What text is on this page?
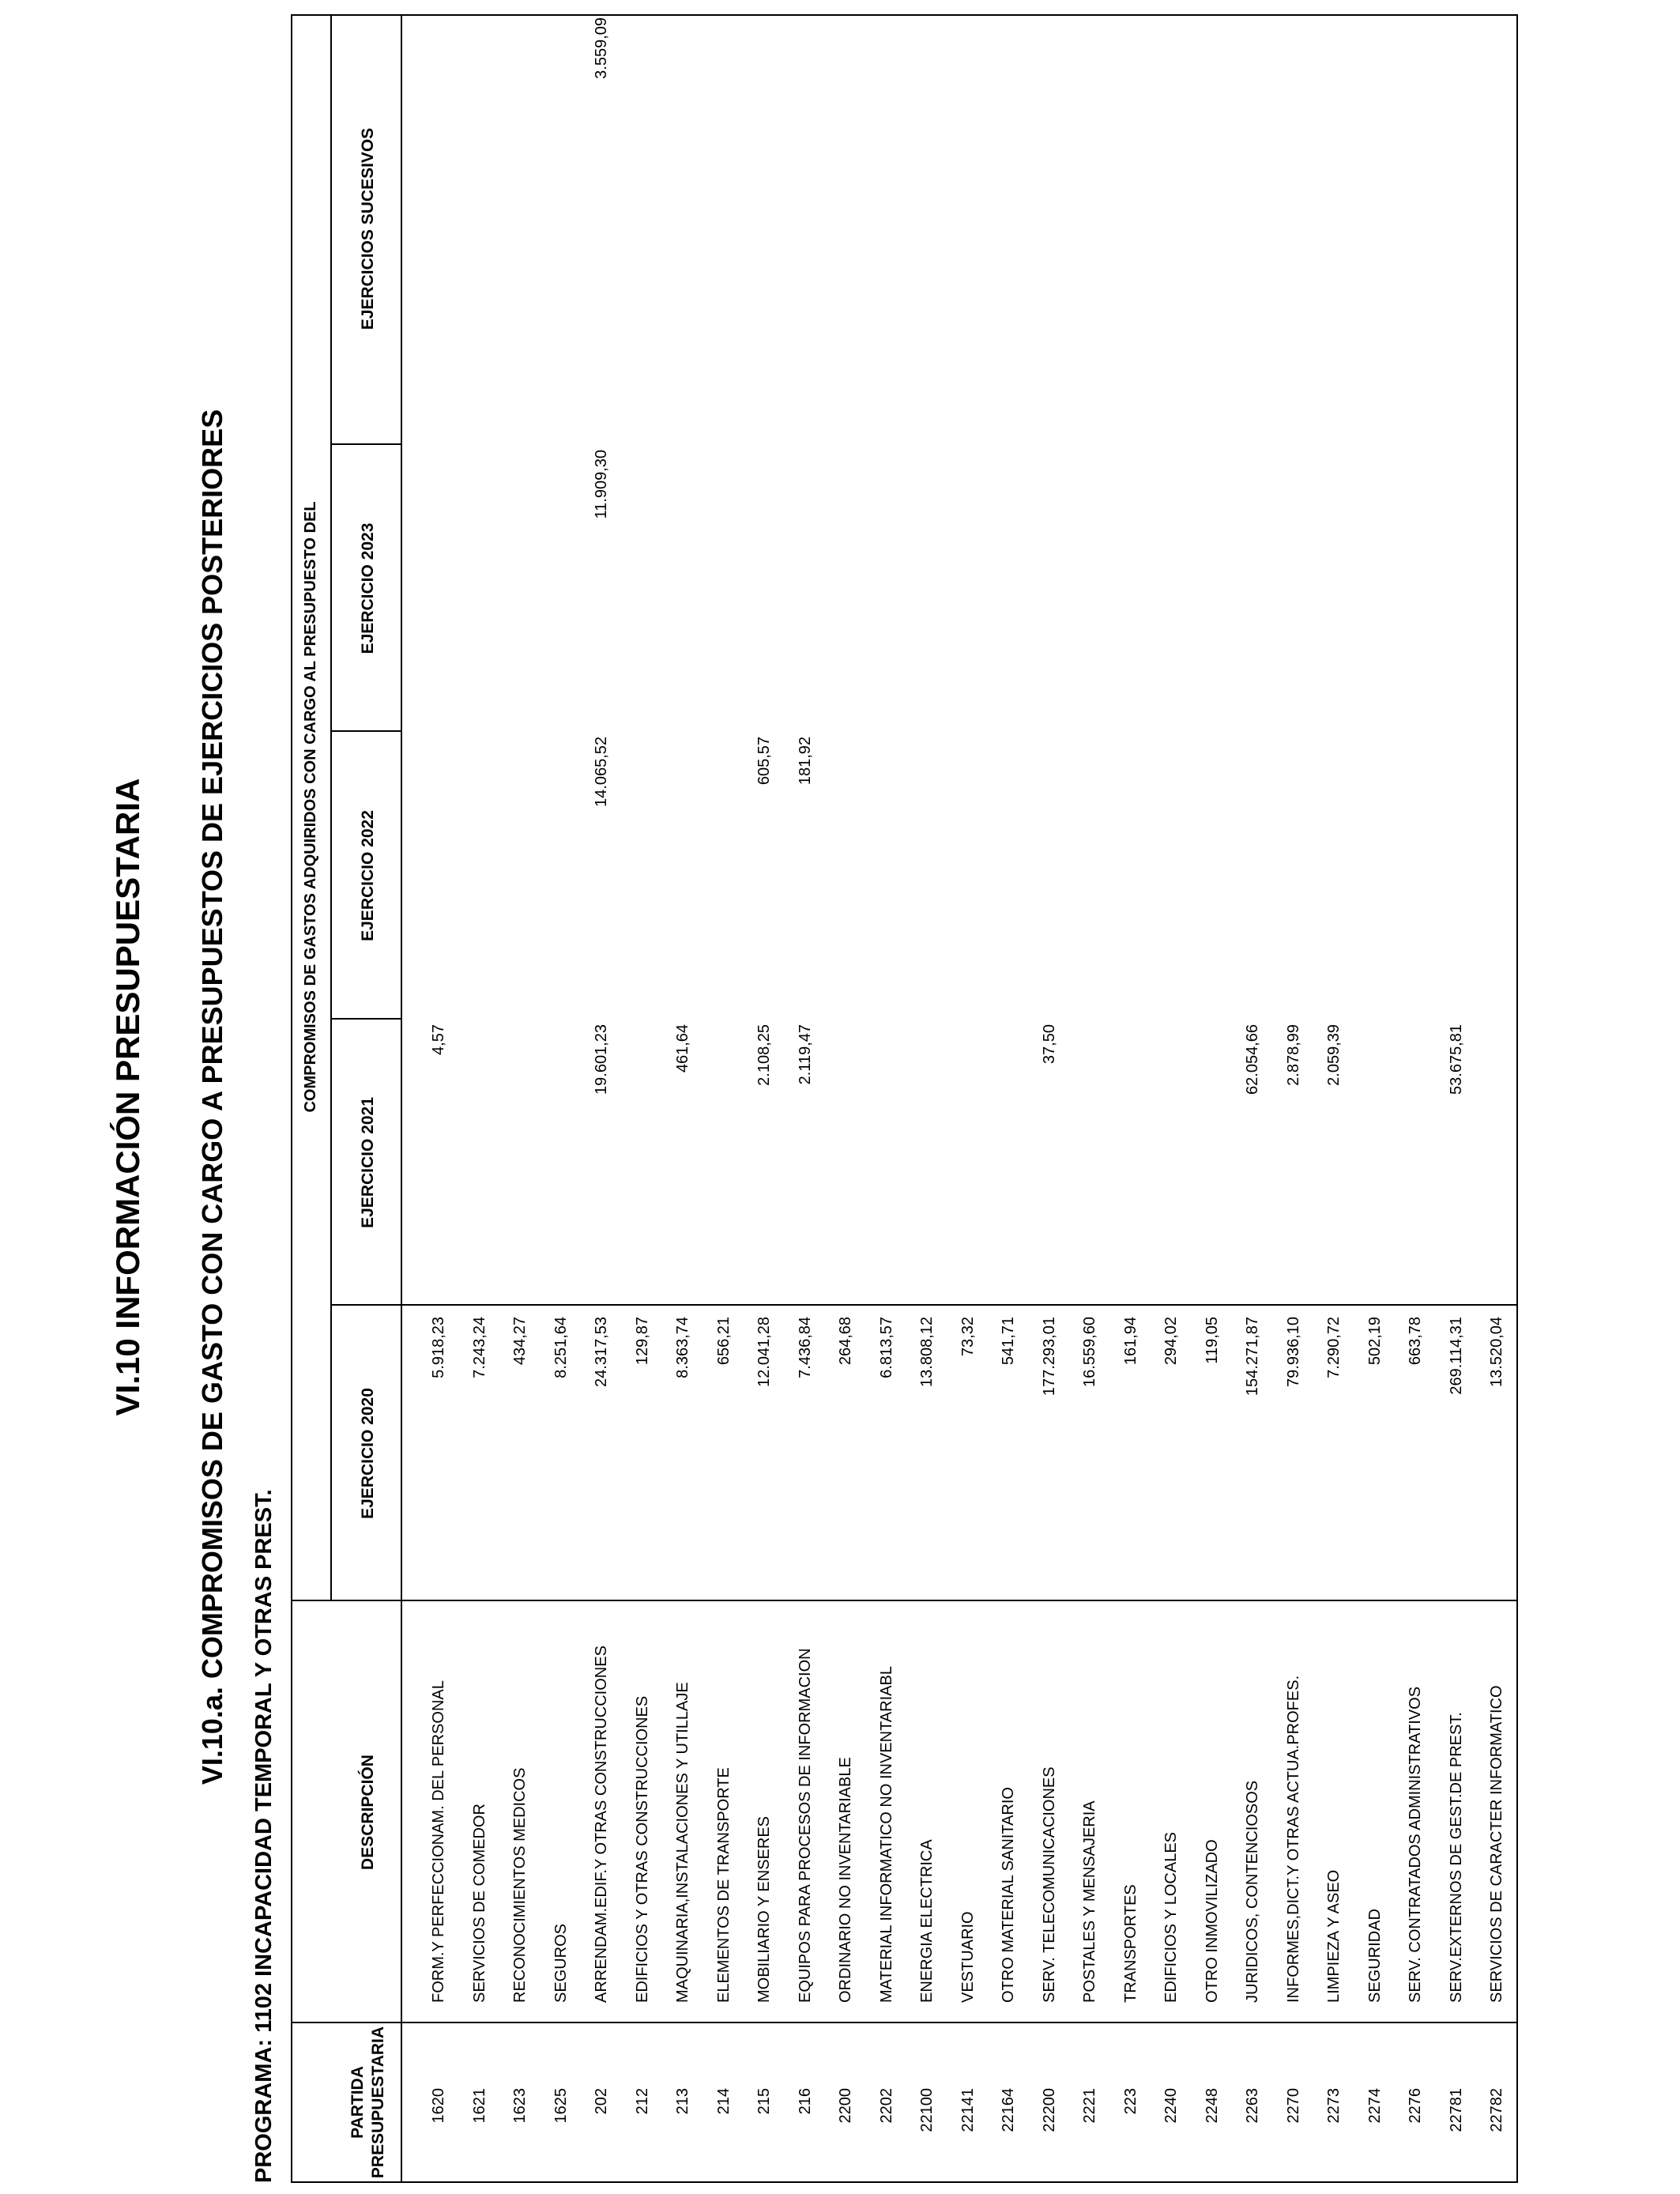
VI.10 INFORMACIÓN PRESUPUESTARIA VI.10.a. COMPROMISOS DE GASTO CON CARGO A PRESUPUESTOS DE EJERCICIOS POSTERIORES
PROGRAMA: 1102 INCAPACIDAD TEMPORAL Y OTRAS PREST.	PARTIDA PRESUPUESTARIA
DESCRIPCIÓN
COMPROMISOS DE GASTOS ADQUIRIDOS CON CARGO AL PRESUPUESTO DEL
EJERCICIO 2020
EJERCICIO 2021
EJERCICIO 2022
EJERCICIO 2023
EJERCICIOS SUCESIVOS
1620
FORM.Y PERFECCIONAM. DEL PERSONAL
5.918,23
4,57
1621
SERVICIOS DE COMEDOR
7.243,24
1623
RECONOCIMIENTOS MEDICOS
434,27
1625
SEGUROS
8.251,64
202
ARRENDAM.EDIF.Y OTRAS CONSTRUCCIONES
24.317,53
19.601,23
14.065,52
11.909,30
3.559,09
212
EDIFICIOS Y OTRAS CONSTRUCCIONES
129,87
213
MAQUINARIA,INSTALACIONES Y UTILLAJE
8.363,74
461,64
214
ELEMENTOS DE TRANSPORTE
656,21
215
MOBILIARIO Y ENSERES
12.041,28
2.108,25
605,57
216
EQUIPOS PARA PROCESOS DE INFORMACION
7.436,84
2.119,47
181,92
2200
ORDINARIO NO INVENTARIABLE
264,68
2202
MATERIAL INFORMATICO NO INVENTARIABL
6.813,57
22100
ENERGIA ELECTRICA
13.808,12
22141
VESTUARIO
73,32
22164
OTRO MATERIAL SANITARIO
541,71
22200
SERV. TELECOMUNICACIONES
177.293,01
37,50
2221
POSTALES Y MENSAJERIA
16.559,60
223
TRANSPORTES
161,94
2240
EDIFICIOS Y LOCALES
294,02
2248
OTRO INMOVILIZADO
119,05
2263
JURIDICOS, CONTENCIOSOS
154.271,87
62.054,66
2270
INFORMES,DICT.Y OTRAS ACTUA.PROFES.
79.936,10
2.878,99
2273
LIMPIEZA Y ASEO
7.290,72
2.059,39
2274
SEGURIDAD
502,19
2276
SERV. CONTRATADOS ADMINISTRATIVOS
663,78
22781
SERV.EXTERNOS DE GEST.DE PREST.
269.114,31
53.675,81
22782
SERVICIOS DE CARACTER INFORMATICO
13.520,04
